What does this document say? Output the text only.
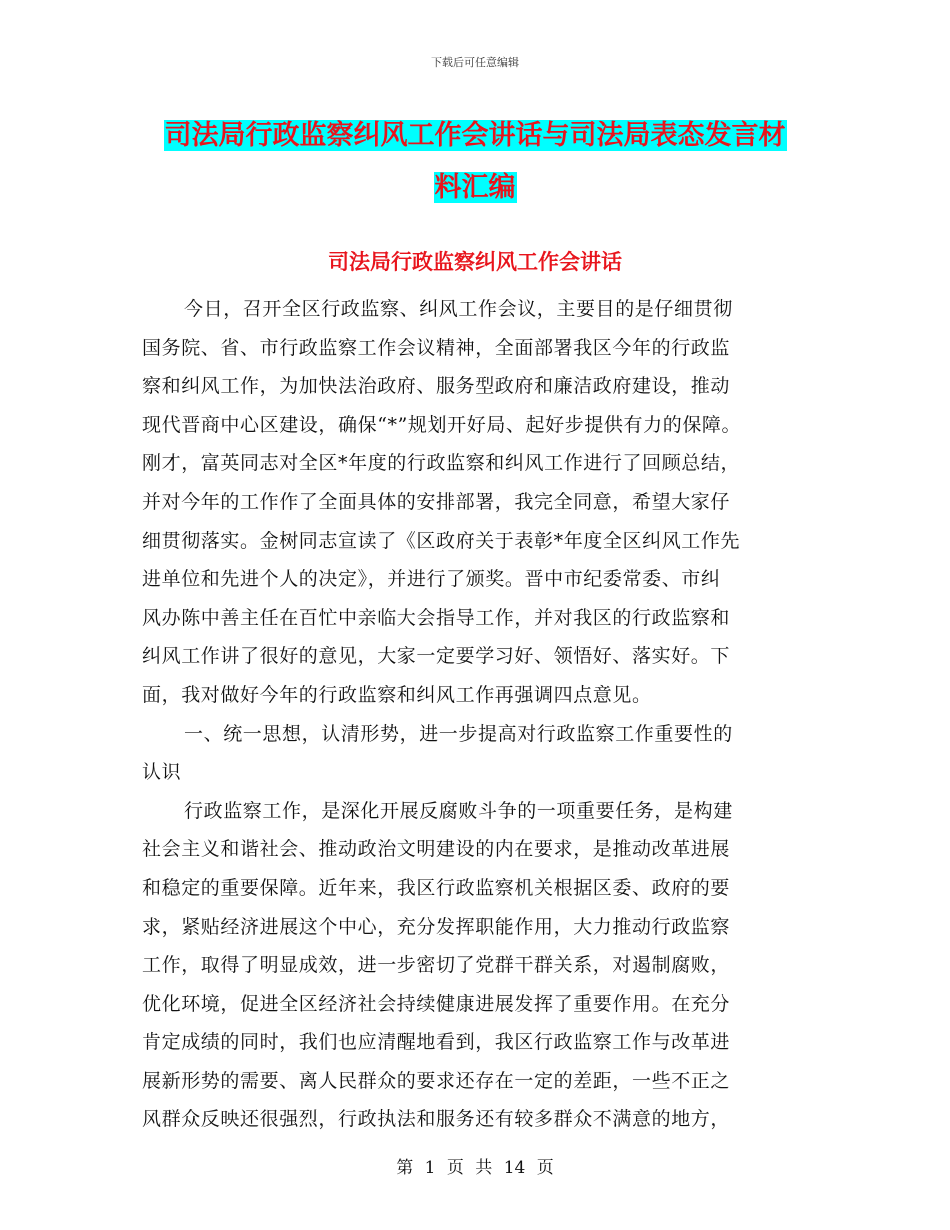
下载后可任意编辑
司法局行政监察纠风工作会讲话与司法局表态发言材
料汇编
司法局行政监察纠风工作会讲话
今日，召开全区行政监察、纠风工作会议，主要目的是仔细贯彻
国务院、省、市行政监察工作会议精神，全面部署我区今年的行政监
察和纠风工作，为加快法治政府、服务型政府和廉洁政府建设，推动
现代晋商中心区建设，确保“*”规划开好局、起好步提供有力的保障。
刚才，富英同志对全区*年度的行政监察和纠风工作进行了回顾总结，
并对今年的工作作了全面具体的安排部署，我完全同意，希望大家仔
细贯彻落实。金树同志宣读了《区政府关于表彰*年度全区纠风工作先
进单位和先进个人的决定》，并进行了颁奖。晋中市纪委常委、市纠
风办陈中善主任在百忙中亲临大会指导工作，并对我区的行政监察和
纠风工作讲了很好的意见，大家一定要学习好、领悟好、落实好。下
面，我对做好今年的行政监察和纠风工作再强调四点意见。
一、统一思想，认清形势，进一步提高对行政监察工作重要性的
认识
行政监察工作，是深化开展反腐败斗争的一项重要任务，是构建
社会主义和谐社会、推动政治文明建设的内在要求，是推动改革进展
和稳定的重要保障。近年来，我区行政监察机关根据区委、政府的要
求，紧贴经济进展这个中心，充分发挥职能作用，大力推动行政监察
工作，取得了明显成效，进一步密切了党群干群关系，对遏制腐败，
优化环境，促进全区经济社会持续健康进展发挥了重要作用。在充分
肯定成绩的同时，我们也应清醒地看到，我区行政监察工作与改革进
展新形势的需要、离人民群众的要求还存在一定的差距，一些不正之
风群众反映还很强烈，行政执法和服务还有较多群众不满意的地方，
第 1 页 共 14 页
